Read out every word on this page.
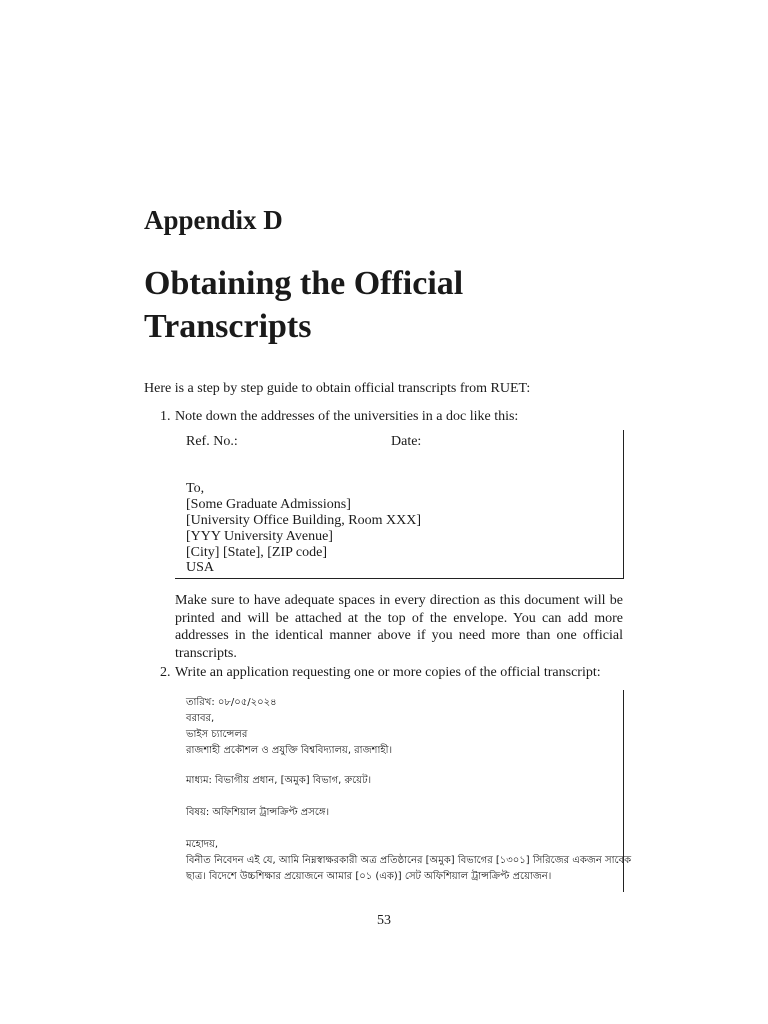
Appendix D
Obtaining the Official
Transcripts
Here is a step by step guide to obtain official transcripts from RUET:
1. Note down the addresses of the universities in a doc like this:
Ref. No.:	Date:
To,
[Some Graduate Admissions]
[University Office Building, Room XXX]
[YYY University Avenue]
[City] [State], [ZIP code]
USA
Make sure to have adequate spaces in every direction as this document will be printed and will be attached at the top of the envelope. You can add more addresses in the identical manner above if you need more than one official transcripts.
2. Write an application requesting one or more copies of the official transcript:
তারিখ: ০৮/০৫/২০২৪
বরাবর,
ভাইস চ্যান্সেলর
রাজশাহী প্রকৌশল ও প্রযুক্তি বিশ্ববিদ্যালয়, রাজশাহী।
মাধ্যম: বিভাগীয় প্রধান, [অমুক] বিভাগ, রুয়েট।
বিষয়: অফিশিয়াল ট্রান্সক্রিপ্ট প্রসঙ্গে।
মহোদয়,
বিনীত নিবেদন এই যে, আমি নিম্নস্বাক্ষরকারী অত্র প্রতিষ্ঠানের [অমুক] বিভাগের [১৩০১] সিরিজের একজন সাবেক
ছাত্র। বিদেশে উচ্চশিক্ষার প্রয়োজনে আমার [০১ (এক)] সেট অফিশিয়াল ট্রান্সক্রিপ্ট প্রয়োজন।
53
